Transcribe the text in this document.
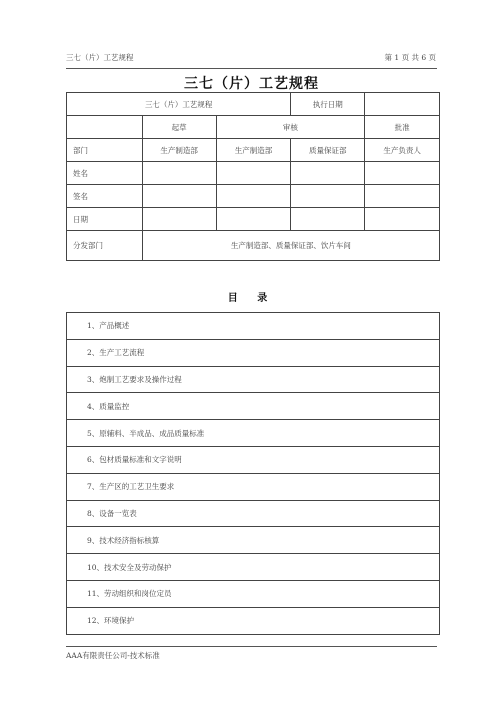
三七（片）工艺规程	第 1 页 共 6 页
三七（片）工艺规程
三七（片）工艺规程			执行日期	
	起草	审核		批准
部门	生产制造部	生产制造部	质量保证部	生产负责人
姓名				
签名				
日期				
分发部门	生产制造部、质量保证部、饮片车间			
目 录
1、产品概述
2、生产工艺流程
3、炮制工艺要求及操作过程
4、质量监控
5、原辅料、半成品、成品质量标准
6、包材质量标准和文字说明
7、生产区的工艺卫生要求
8、设备一览表
9、技术经济指标核算
10、技术安全及劳动保护
11、劳动组织和岗位定员
12、环境保护
AAA有限责任公司-技术标准
